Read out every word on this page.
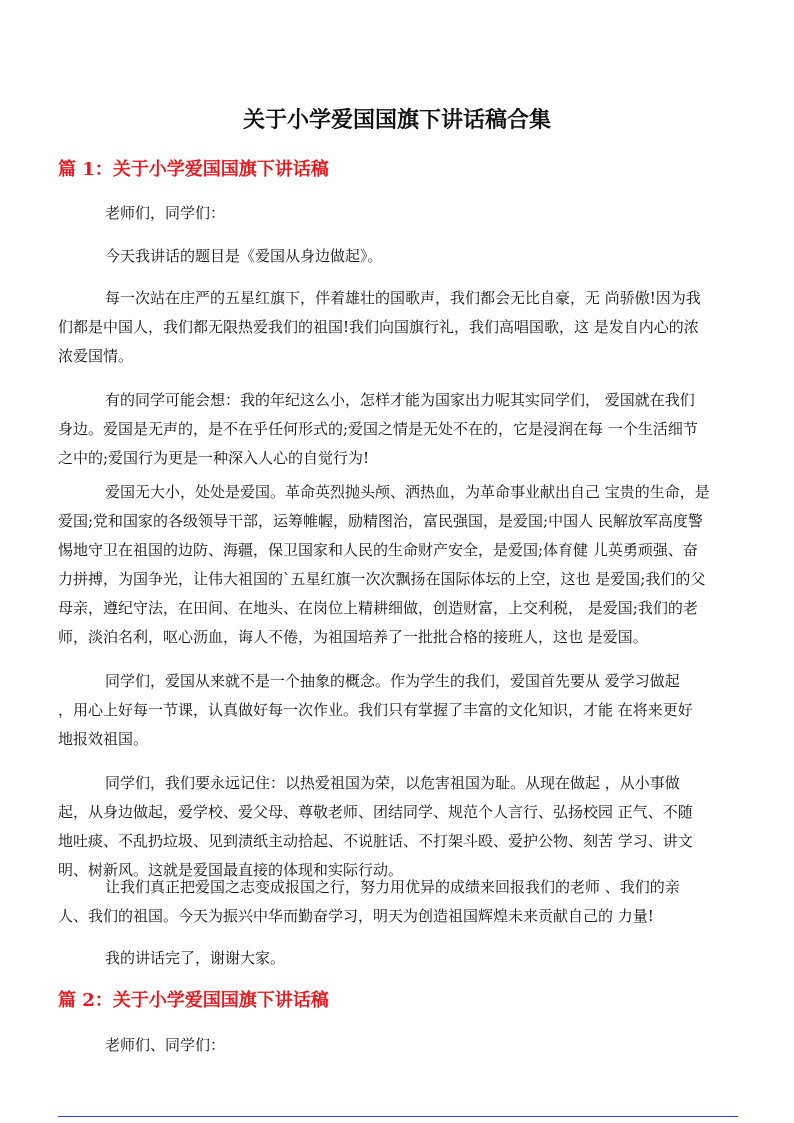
关于小学爱国国旗下讲话稿合集
篇 1：关于小学爱国国旗下讲话稿
老师们，同学们：
今天我讲话的题目是《爱国从身边做起》。
每一次站在庄严的五星红旗下，伴着雄壮的国歌声，我们都会无比自豪，无 尚骄傲!因为我
们都是中国人，我们都无限热爱我们的祖国!我们向国旗行礼，我们高唱国歌，这 是发自内心的浓
浓爱国情。
有的同学可能会想：我的年纪这么小，怎样才能为国家出力呢其实同学们， 爱国就在我们
身边。爱国是无声的，是不在乎任何形式的;爱国之情是无处不在的，它是浸润在每 一个生活细节
之中的;爱国行为更是一种深入人心的自觉行为!
爱国无大小，处处是爱国。革命英烈抛头颅、洒热血，为革命事业献出自己 宝贵的生命，是
爱国;党和国家的各级领导干部，运筹帷幄，励精图治，富民强国，是爱国;中国人 民解放军高度警
惕地守卫在祖国的边防、海疆，保卫国家和人民的生命财产安全，是爱国;体育健 儿英勇顽强、奋
力拼搏，为国争光，让伟大祖国的`五星红旗一次次飘扬在国际体坛的上空，这也 是爱国;我们的父
母亲，遵纪守法，在田间、在地头、在岗位上精耕细做，创造财富，上交利税， 是爱国;我们的老
师，淡泊名利，呕心沥血，诲人不倦，为祖国培养了一批批合格的接班人，这也 是爱国。
同学们，爱国从来就不是一个抽象的概念。作为学生的我们，爱国首先要从 爱学习做起
，用心上好每一节课，认真做好每一次作业。我们只有掌握了丰富的文化知识，才能 在将来更好
地报效祖国。
同学们，我们要永远记住：以热爱祖国为荣，以危害祖国为耻。从现在做起 ，从小事做
起，从身边做起，爱学校、爱父母、尊敬老师、团结同学、规范个人言行、弘扬校园 正气、不随
地吐痰、不乱扔垃圾、见到渍纸主动拾起、不说脏话、不打架斗殴、爱护公物、刻苦 学习、讲文
明、树新风。这就是爱国最直接的体现和实际行动。
让我们真正把爱国之志变成报国之行，努力用优异的成绩来回报我们的老师 、我们的亲
人、我们的祖国。今天为振兴中华而勤奋学习，明天为创造祖国辉煌未来贡献自己的 力量!
我的讲话完了，谢谢大家。
篇 2：关于小学爱国国旗下讲话稿
老师们、同学们：
